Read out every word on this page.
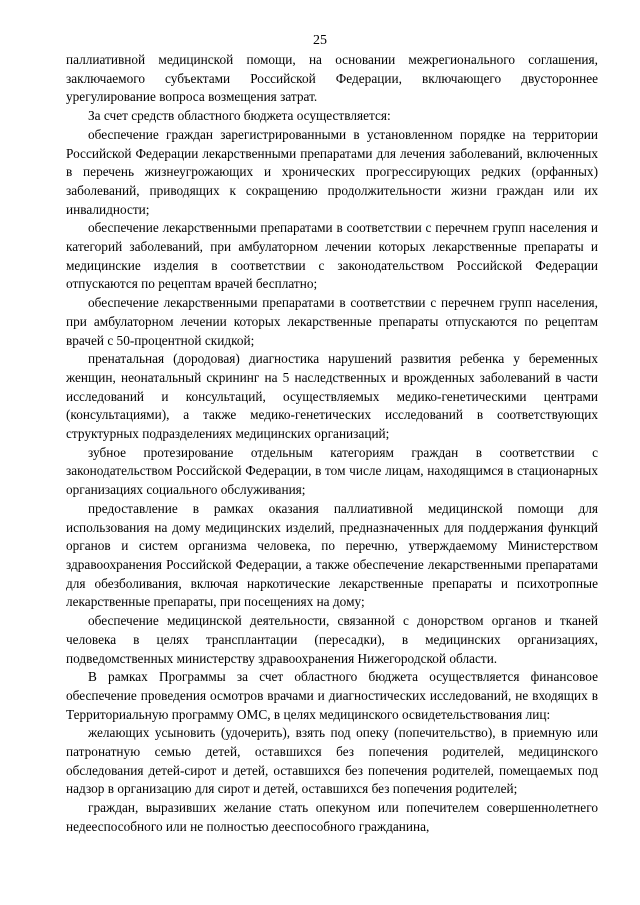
25

паллиативной медицинской помощи, на основании межрегионального соглашения, заключаемого субъектами Российской Федерации, включающего двустороннее урегулирование вопроса возмещения затрат.

За счет средств областного бюджета осуществляется:

обеспечение граждан зарегистрированными в установленном порядке на территории Российской Федерации лекарственными препаратами для лечения заболеваний, включенных в перечень жизнеугрожающих и хронических прогрессирующих редких (орфанных) заболеваний, приводящих к сокращению продолжительности жизни граждан или их инвалидности;

обеспечение лекарственными препаратами в соответствии с перечнем групп населения и категорий заболеваний, при амбулаторном лечении которых лекарственные препараты и медицинские изделия в соответствии с законодательством Российской Федерации отпускаются по рецептам врачей бесплатно;

обеспечение лекарственными препаратами в соответствии с перечнем групп населения, при амбулаторном лечении которых лекарственные препараты отпускаются по рецептам врачей с 50-процентной скидкой;

пренатальная (дородовая) диагностика нарушений развития ребенка у беременных женщин, неонатальный скрининг на 5 наследственных и врожденных заболеваний в части исследований и консультаций, осуществляемых медико-генетическими центрами (консультациями), а также медико-генетических исследований в соответствующих структурных подразделениях медицинских организаций;

зубное протезирование отдельным категориям граждан в соответствии с законодательством Российской Федерации, в том числе лицам, находящимся в стационарных организациях социального обслуживания;

предоставление в рамках оказания паллиативной медицинской помощи для использования на дому медицинских изделий, предназначенных для поддержания функций органов и систем организма человека, по перечню, утверждаемому Министерством здравоохранения Российской Федерации, а также обеспечение лекарственными препаратами для обезболивания, включая наркотические лекарственные препараты и психотропные лекарственные препараты, при посещениях на дому;

обеспечение медицинской деятельности, связанной с донорством органов и тканей человека в целях трансплантации (пересадки), в медицинских организациях, подведомственных министерству здравоохранения Нижегородской области.

В рамках Программы за счет областного бюджета осуществляется финансовое обеспечение проведения осмотров врачами и диагностических исследований, не входящих в Территориальную программу ОМС, в целях медицинского освидетельствования лиц:

желающих усыновить (удочерить), взять под опеку (попечительство), в приемную или патронатную семью детей, оставшихся без попечения родителей, медицинского обследования детей-сирот и детей, оставшихся без попечения родителей, помещаемых под надзор в организацию для сирот и детей, оставшихся без попечения родителей;

граждан, выразивших желание стать опекуном или попечителем совершеннолетнего недееспособного или не полностью дееспособного гражданина,
